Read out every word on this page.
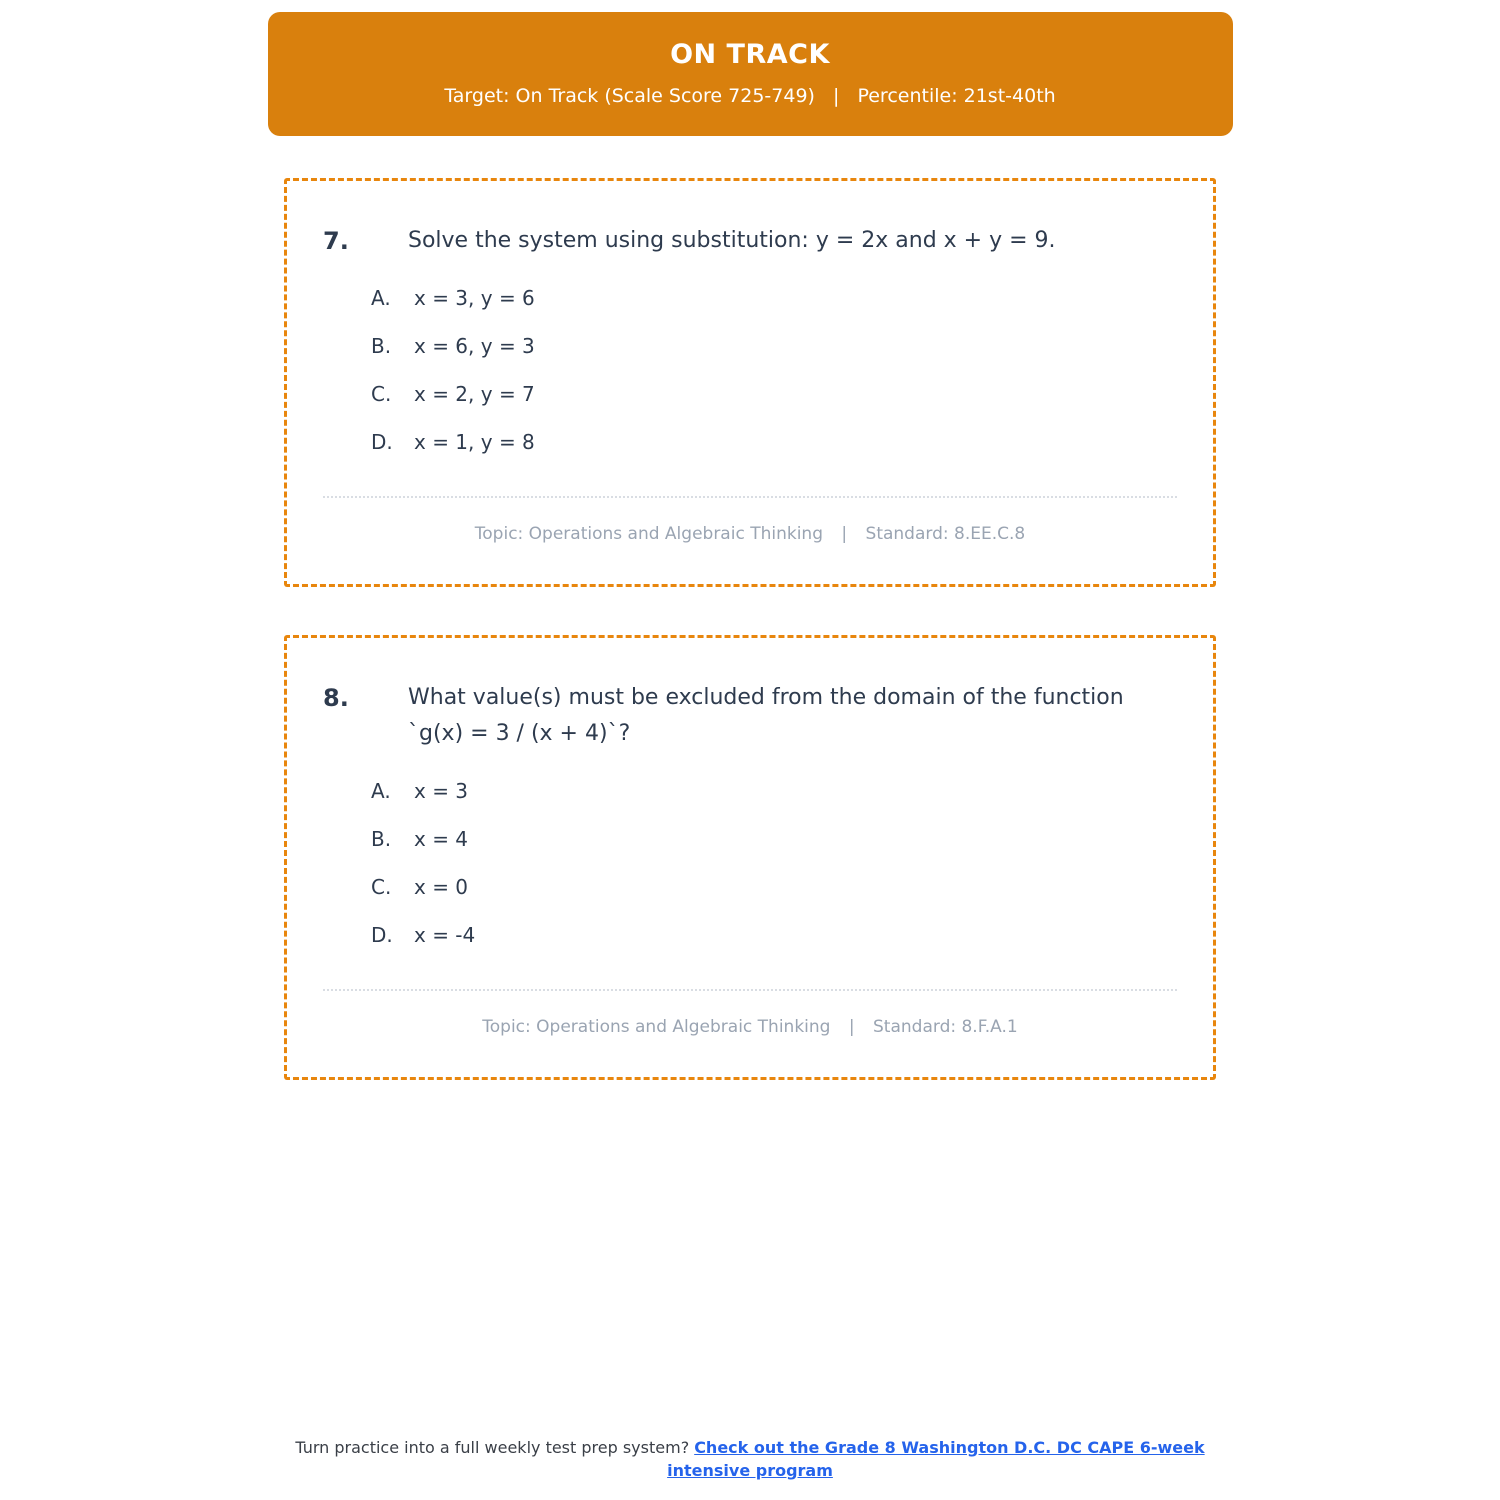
ON TRACK
Target: On Track (Scale Score 725-749) | Percentile: 21st-40th
7.	Solve the system using substitution: y = 2x and x + y = 9.
A.	x = 3, y = 6
B.	x = 6, y = 3
C.	x = 2, y = 7
D.	x = 1, y = 8
Topic: Operations and Algebraic Thinking | Standard: 8.EE.C.8
8.	What value(s) must be excluded from the domain of the function `g(x) = 3 / (x + 4)`?
A.	x = 3
B.	x = 4
C.	x = 0
D.	x = -4
Topic: Operations and Algebraic Thinking | Standard: 8.F.A.1
Turn practice into a full weekly test prep system? Check out the Grade 8 Washington D.C. DC CAPE 6-week intensive program
